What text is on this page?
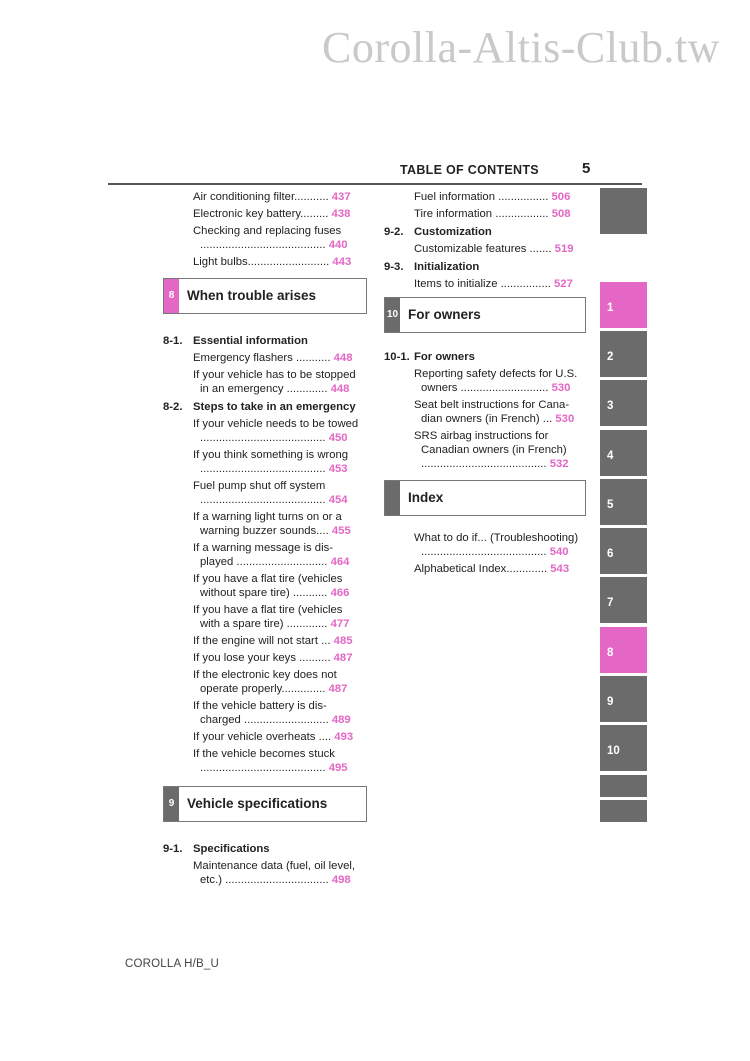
Corolla-Altis-Club.tw
TABLE OF CONTENTS	5
Air conditioning filter........... 437
Electronic key battery......... 438
Checking and replacing fuses
........................................ 440
Light bulbs.......................... 443
8 When trouble arises
8-1. Essential information
Emergency flashers ........... 448
If your vehicle has to be stopped
in an emergency ............. 448
8-2. Steps to take in an emergency
If your vehicle needs to be towed
........................................ 450
If you think something is wrong
........................................ 453
Fuel pump shut off system
........................................ 454
If a warning light turns on or a
warning buzzer sounds.... 455
If a warning message is dis-
played ............................. 464
If you have a flat tire (vehicles
without spare tire) ........... 466
If you have a flat tire (vehicles
with a spare tire) ............. 477
If the engine will not start ... 485
If you lose your keys .......... 487
If the electronic key does not
operate properly.............. 487
If the vehicle battery is dis-
charged ........................... 489
If your vehicle overheats .... 493
If the vehicle becomes stuck
........................................ 495
9 Vehicle specifications
9-1. Specifications
Maintenance data (fuel, oil level,
etc.) ................................. 498
Fuel information ................ 506
Tire information ................. 508
9-2. Customization
Customizable features ....... 519
9-3. Initialization
Items to initialize ................ 527
10 For owners
10-1. For owners
Reporting safety defects for U.S.
owners ............................ 530
Seat belt instructions for Cana-
dian owners (in French) ... 530
SRS airbag instructions for
Canadian owners (in French)
........................................ 532
Index
What to do if... (Troubleshooting)
........................................ 540
Alphabetical Index............. 543
1
2
3
4
5
6
7
8
9
10
COROLLA H/B_U
